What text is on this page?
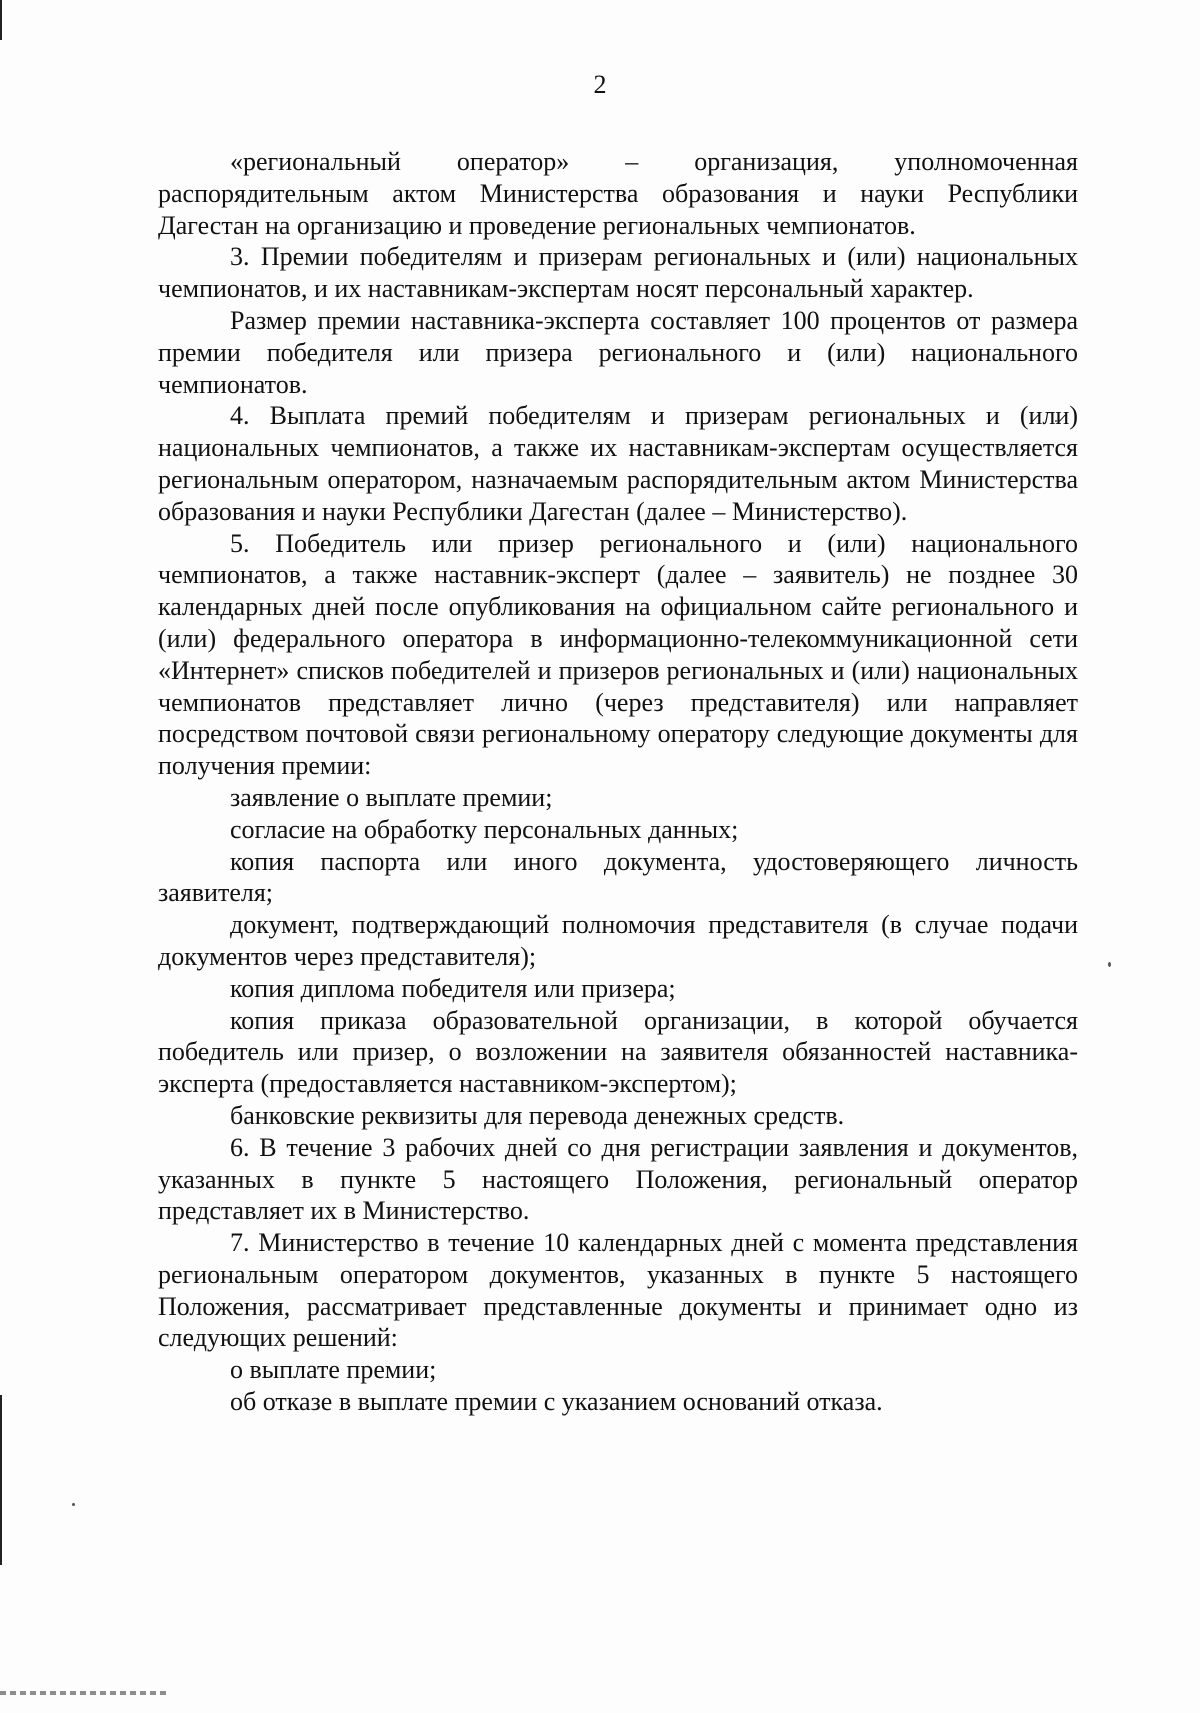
2

«региональный оператор» – организация, уполномоченная распорядительным актом Министерства образования и науки Республики Дагестан на организацию и проведение региональных чемпионатов.

3. Премии победителям и призерам региональных и (или) национальных чемпионатов, и их наставникам-экспертам носят персональный характер.

Размер премии наставника-эксперта составляет 100 процентов от размера премии победителя или призера регионального и (или) национального чемпионатов.

4. Выплата премий победителям и призерам региональных и (или) национальных чемпионатов, а также их наставникам-экспертам осуществляется региональным оператором, назначаемым распорядительным актом Министерства образования и науки Республики Дагестан (далее – Министерство).

5. Победитель или призер регионального и (или) национального чемпионатов, а также наставник-эксперт (далее – заявитель) не позднее 30 календарных дней после опубликования на официальном сайте регионального и (или) федерального оператора в информационно-телекоммуникационной сети «Интернет» списков победителей и призеров региональных и (или) национальных чемпионатов представляет лично (через представителя) или направляет посредством почтовой связи региональному оператору следующие документы для получения премии:

заявление о выплате премии;

согласие на обработку персональных данных;

копия паспорта или иного документа, удостоверяющего личность заявителя;

документ, подтверждающий полномочия представителя (в случае подачи документов через представителя);

копия диплома победителя или призера;

копия приказа образовательной организации, в которой обучается победитель или призер, о возложении на заявителя обязанностей наставника-эксперта (предоставляется наставником-экспертом);

банковские реквизиты для перевода денежных средств.

6. В течение 3 рабочих дней со дня регистрации заявления и документов, указанных в пункте 5 настоящего Положения, региональный оператор представляет их в Министерство.

7. Министерство в течение 10 календарных дней с момента представления региональным оператором документов, указанных в пункте 5 настоящего Положения, рассматривает представленные документы и принимает одно из следующих решений:

о выплате премии;

об отказе в выплате премии с указанием оснований отказа.
